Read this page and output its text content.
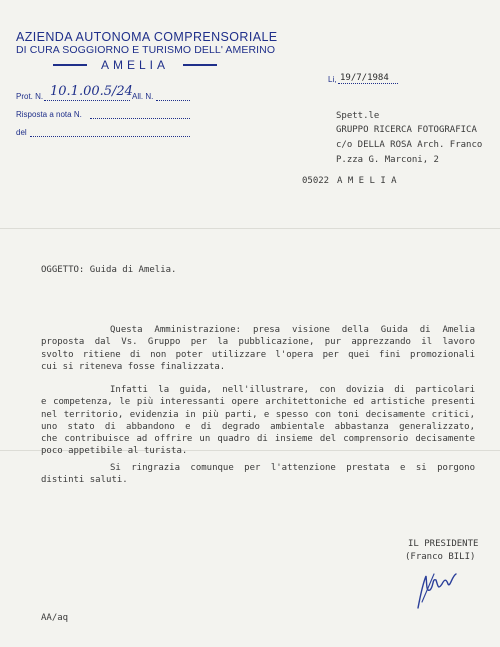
AZIENDA AUTONOMA COMPRENSORIALE
DI CURA SOGGIORNO E TURISMO DELL' AMERINO
AMELIA
Prot. N. 10.1.00.5/24 All. N.
Risposta a nota N.
del
Li, 19/7/1984
Spett.le
GRUPPO RICERCA FOTOGRAFICA
c/o DELLA ROSA Arch. Franco
P.zza G. Marconi, 2
05022 A M E L I A
OGGETTO: Guida di Amelia.
Questa Amministrazione: presa visione della Guida di Amelia
proposta dal Vs. Gruppo per la pubblicazione, pur apprezzando il lavoro
svolto ritiene di non poter utilizzare l'opera per quei fini promozionali
cui si riteneva fosse finalizzata.
Infatti la guida, nell'illustrare, con dovizia di particolari
e competenza, le più interessanti opere architettoniche ed artistiche presenti
nel territorio, evidenzia in più parti, e spesso con toni decisamente critici,
uno stato di abbandono e di degrado ambientale abbastanza generalizzato,
che contribuisce ad offrire un quadro di insieme del comprensorio decisamente
poco appetibile al turista.
Si ringrazia comunque per l'attenzione prestata e si porgono
distinti saluti.
IL PRESIDENTE
(Franco BILI)
AA/aq
